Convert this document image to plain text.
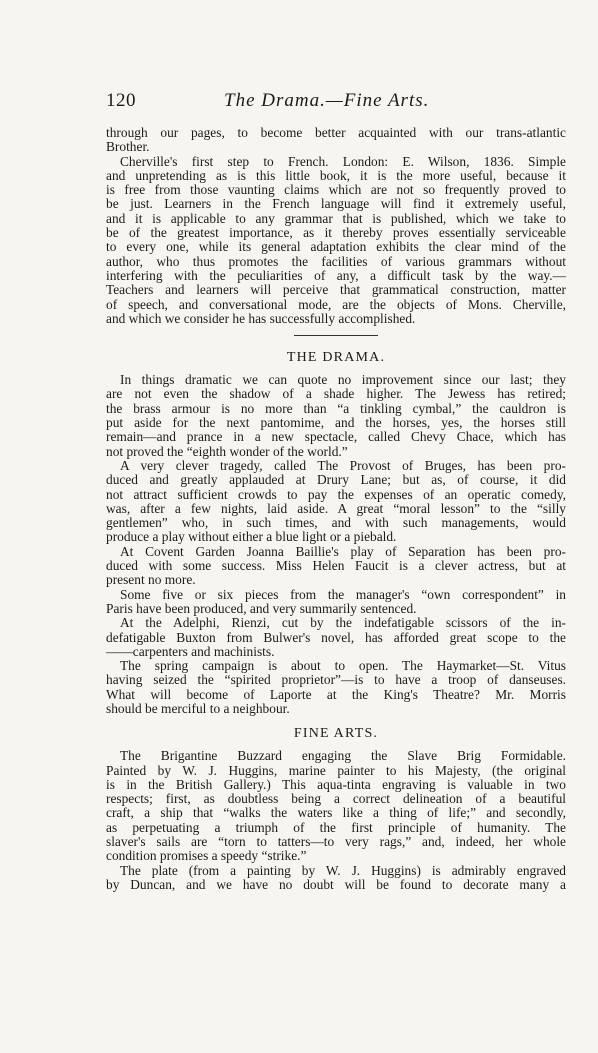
120	The Drama.—Fine Arts.
through our pages, to become better acquainted with our trans-atlantic
Brother.
Cherville's first step to French. London: E. Wilson, 1836. Simple
and unpretending as is this little book, it is the more useful, because it
is free from those vaunting claims which are not so frequently proved to
be just. Learners in the French language will find it extremely useful,
and it is applicable to any grammar that is published, which we take to
be of the greatest importance, as it thereby proves essentially serviceable
to every one, while its general adaptation exhibits the clear mind of the
author, who thus promotes the facilities of various grammars without
interfering with the peculiarities of any, a difficult task by the way.—
Teachers and learners will perceive that grammatical construction, matter
of speech, and conversational mode, are the objects of Mons. Cherville,
and which we consider he has successfully accomplished.
THE DRAMA.
In things dramatic we can quote no improvement since our last; they
are not even the shadow of a shade higher. The Jewess has retired;
the brass armour is no more than “a tinkling cymbal,” the cauldron is
put aside for the next pantomime, and the horses, yes, the horses still
remain—and prance in a new spectacle, called Chevy Chace, which has
not proved the “eighth wonder of the world.”
A very clever tragedy, called The Provost of Bruges, has been pro-
duced and greatly applauded at Drury Lane; but as, of course, it did
not attract sufficient crowds to pay the expenses of an operatic comedy,
was, after a few nights, laid aside. A great “moral lesson” to the “silly
gentlemen” who, in such times, and with such managements, would
produce a play without either a blue light or a piebald.
At Covent Garden Joanna Baillie's play of Separation has been pro-
duced with some success. Miss Helen Faucit is a clever actress, but at
present no more.
Some five or six pieces from the manager's “own correspondent” in
Paris have been produced, and very summarily sentenced.
At the Adelphi, Rienzi, cut by the indefatigable scissors of the in-
defatigable Buxton from Bulwer's novel, has afforded great scope to the
——carpenters and machinists.
The spring campaign is about to open. The Haymarket—St. Vitus
having seized the “spirited proprietor”—is to have a troop of danseuses.
What will become of Laporte at the King's Theatre? Mr. Morris
should be merciful to a neighbour.
FINE ARTS.
The Brigantine Buzzard engaging the Slave Brig Formidable.
Painted by W. J. Huggins, marine painter to his Majesty, (the original
is in the British Gallery.) This aqua-tinta engraving is valuable in two
respects; first, as doubtless being a correct delineation of a beautiful
craft, a ship that “walks the waters like a thing of life;” and secondly,
as perpetuating a triumph of the first principle of humanity. The
slaver's sails are “torn to tatters—to very rags,” and, indeed, her whole
condition promises a speedy “strike.”
The plate (from a painting by W. J. Huggins) is admirably engraved
by Duncan, and we have no doubt will be found to decorate many a
